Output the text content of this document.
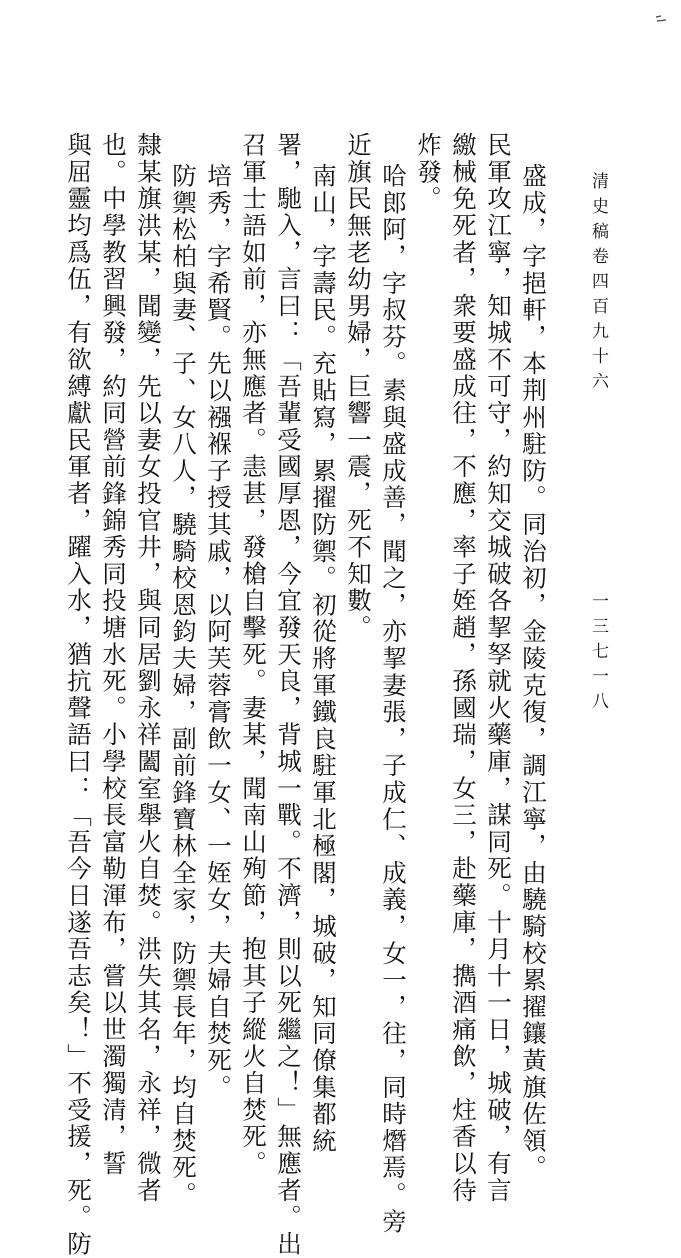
清史稿卷四百九十六
一三七一八
盛成，字挹軒，本荆州駐防。同治初，金陵克復，調江寧，由驍騎校累擢鑲黃旗佐領。
民軍攻江寧，知城不可守，約知交城破各挈孥就火藥庫，謀同死。十月十一日，城破，有言
繳械免死者，衆要盛成往，不應，率子姪趙，孫國瑞，女三，赴藥庫，擕酒痛飲，炷香以待
炸發。
哈郎阿，字叔芬。素與盛成善，聞之，亦挈妻張，子成仁、成義，女一，往，同時熸焉。旁
近旗民無老幼男婦，巨響一震，死不知數。
南山，字壽民。充貼寫，累擢防禦。初從將軍鐵良駐軍北極閣，城破，知同僚集都統
署，馳入，言曰：「吾輩受國厚恩，今宜發天良，背城一戰。不濟，則以死繼之！」無應者。出
召軍士語如前，亦無應者。恚甚，發槍自擊死。妻某，聞南山殉節，抱其子縱火自焚死。
培秀，字希賢。先以襁褓子授其戚，以阿芙蓉膏飲一女、一姪女，夫婦自焚死。
防禦松柏與妻、子、女八人，驍騎校恩鈞夫婦，副前鋒寶林全家，防禦長年，均自焚死。
隸某旗洪某，聞變，先以妻女投官井，與同居劉永祥闔室舉火自焚。洪失其名，永祥，微者
也。中學教習興發，約同營前鋒錦秀同投塘水死。小學校長富勒渾布，嘗以世濁獨清，誓
與屈靈均爲伍，有欲縛獻民軍者，躍入水，猶抗聲語曰：「吾今日遂吾志矣！」不受援，死。防
